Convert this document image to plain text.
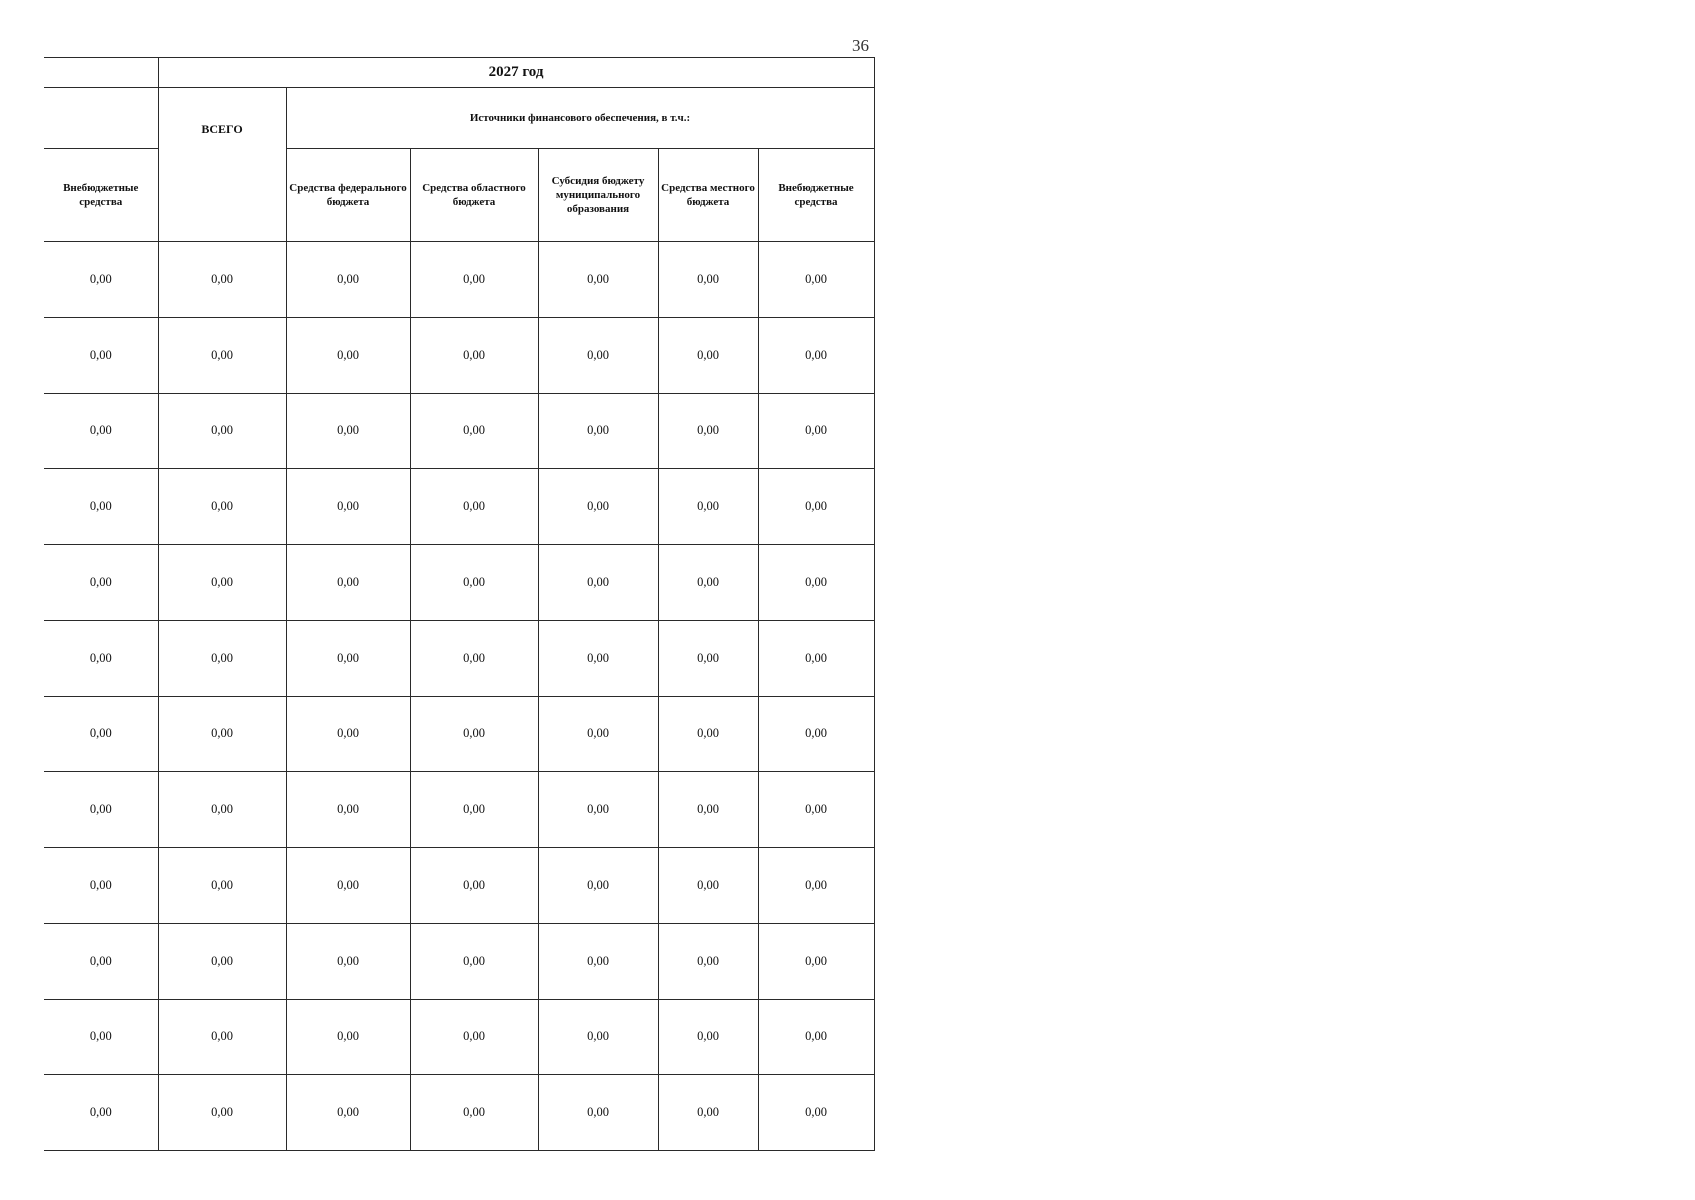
36
	2027 год					
	ВСЕГО	Источники финансового обеспечения, в т.ч.:				
Внебюджетные средства		Средства федерального бюджета	Средства областного бюджета	Субсидия бюджету муниципального образования	Средства местного бюджета	Внебюджетные средства
0,00	0,00	0,00	0,00	0,00	0,00	0,00
0,00	0,00	0,00	0,00	0,00	0,00	0,00
0,00	0,00	0,00	0,00	0,00	0,00	0,00
0,00	0,00	0,00	0,00	0,00	0,00	0,00
0,00	0,00	0,00	0,00	0,00	0,00	0,00
0,00	0,00	0,00	0,00	0,00	0,00	0,00
0,00	0,00	0,00	0,00	0,00	0,00	0,00
0,00	0,00	0,00	0,00	0,00	0,00	0,00
0,00	0,00	0,00	0,00	0,00	0,00	0,00
0,00	0,00	0,00	0,00	0,00	0,00	0,00
0,00	0,00	0,00	0,00	0,00	0,00	0,00
0,00	0,00	0,00	0,00	0,00	0,00	0,00
